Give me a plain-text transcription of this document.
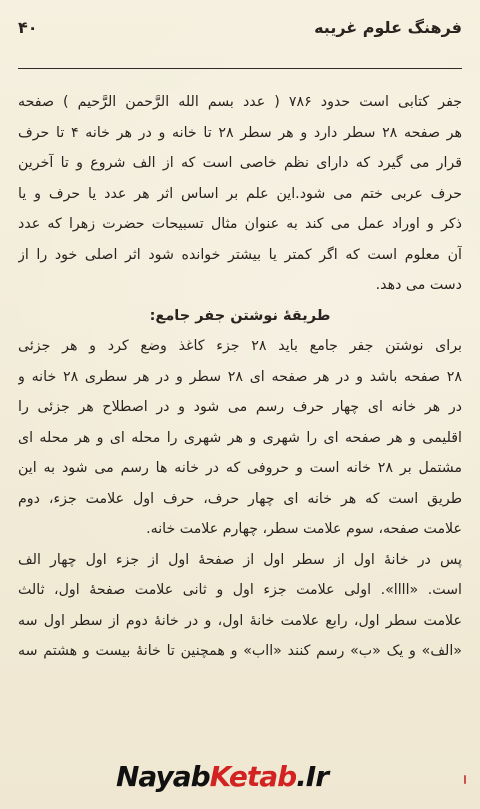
فرهنگ علوم غریبه
۴۰
جفر کتابی است حدود ۷۸۶ ( عدد بسم الله الرَّحمن الرَّحیم ) صفحه
هر صفحه ۲۸ سطر دارد و هر سطر ۲۸ تا خانه و در هر خانه ۴ تا حرف
قرار می گیرد که دارای نظم خاصی است که از الف شروع و تا آخرین
حرف عربی ختم می شود.این علم بر اساس اثر هر عدد یا حرف و یا
ذکر و اوراد عمل می کند به عنوان مثال تسبیحات حضرت زهرا که عدد
آن معلوم است که اگر کمتر یا بیشتر خوانده شود اثر اصلی خود را از
دست می دهد.
طریقهٔ نوشتن جفر جامع:
برای نوشتن جفر جامع باید ۲۸ جزء کاغذ وضع کرد و هر جزئی
۲۸ صفحه باشد و در هر صفحه ای ۲۸ سطر و در هر سطری ۲۸ خانه و
در هر خانه ای چهار حرف رسم می شود و در اصطلاح هر جزئی را
اقلیمی و هر صفحه ای را شهری و هر شهری را محله ای و هر محله ای
مشتمل بر ۲۸ خانه است و حروفی که در خانه ها رسم می شود به این
طریق است که هر خانه ای چهار حرف، حرف اول علامت جزء، دوم
علامت صفحه، سوم علامت سطر، چهارم علامت خانه.
پس در خانهٔ اول از سطر اول از صفحهٔ اول از جزء اول چهار الف
است. «اااا». اولی علامت جزء اول و ثانی علامت صفحهٔ اول، ثالث
علامت سطر اول، رابع علامت خانهٔ اول، و در خانهٔ دوم از سطر اول سه
«الف» و یک «ب» رسم کنند «ااب» و همچنین تا خانهٔ بیست و هشتم سه
NayabKetab.Ir
